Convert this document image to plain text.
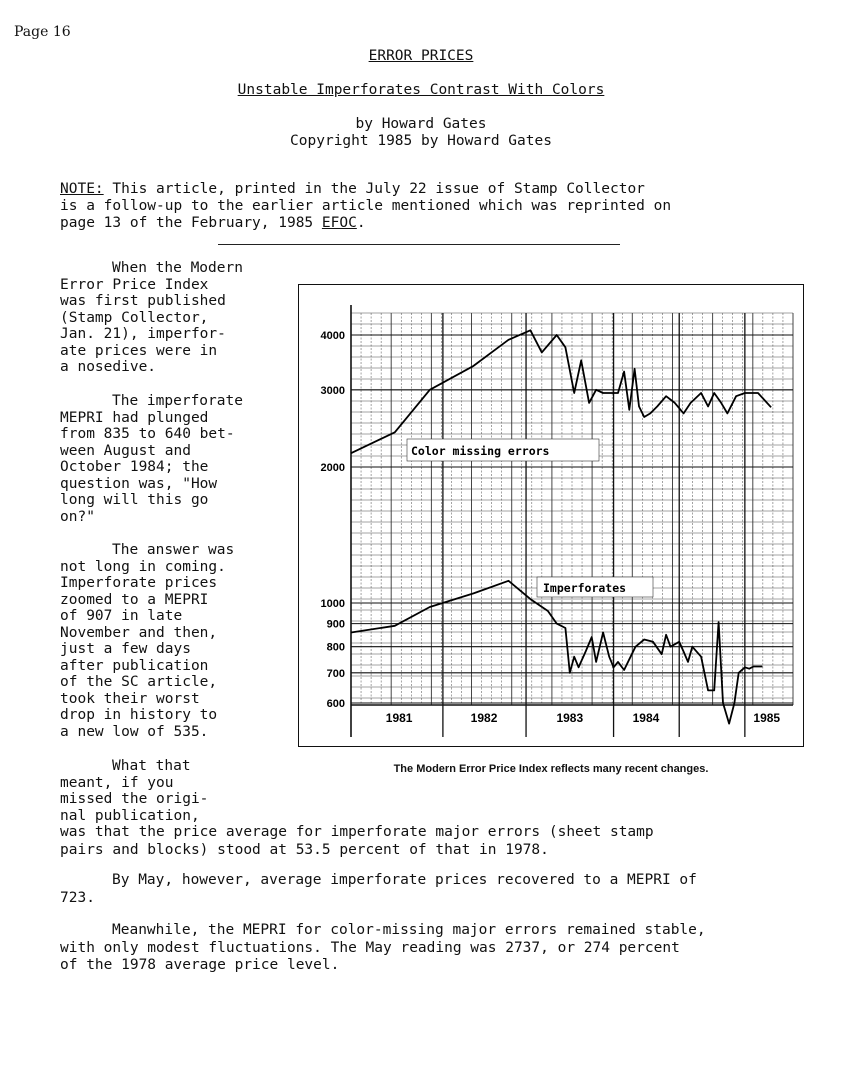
Page 16
ERROR PRICES
Unstable Imperforates Contrast With Colors
by Howard Gates
Copyright 1985 by Howard Gates
NOTE: This article, printed in the July 22 issue of Stamp Collector
is a follow-up to the earlier article mentioned which was reprinted on
page 13 of the February, 1985 EFOC.
When the Modern
Error Price Index
was first published
(Stamp Collector,
Jan. 21), imperfor-
ate prices were in
a nosedive.
The imperforate
MEPRI had plunged
from 835 to 640 bet-
ween August and
October 1984; the
question was, "How
long will this go
on?"
The answer was
not long in coming.
Imperforate prices
zoomed to a MEPRI
of 907 in late
November and then,
just a few days
after publication
of the SC article,
took their worst
drop in history to
a new low of 535.
What that
meant, if you
missed the origi-
nal publication,
was that the price average for imperforate major errors (sheet stamp
pairs and blocks) stood at 53.5 percent of that in 1978.
By May, however, average imperforate prices recovered to a MEPRI of
723.
Meanwhile, the MEPRI for color-missing major errors remained stable,
with only modest fluctuations. The May reading was 2737, or 274 percent
of the 1978 average price level.
4000
3000
2000
1000
900
800
700
600
1981	1982	1983	1984	1985
Color missing errors
Imperforates
The Modern Error Price Index reflects many recent changes.
